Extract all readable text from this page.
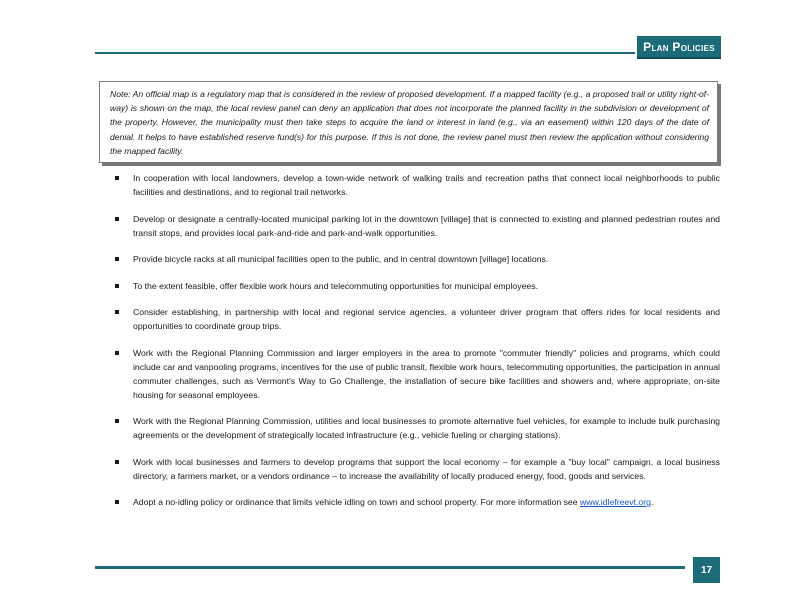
Plan Policies
Note: An official map is a regulatory map that is considered in the review of proposed development. If a mapped facility (e.g., a proposed trail or utility right-of-way) is shown on the map, the local review panel can deny an application that does not incorporate the planned facility in the subdivision or development of the property. However, the municipality must then take steps to acquire the land or interest in land (e.g., via an easement) within 120 days of the date of denial. It helps to have established reserve fund(s) for this purpose. If this is not done, the review panel must then review the application without considering the mapped facility.
In cooperation with local landowners, develop a town-wide network of walking trails and recreation paths that connect local neighborhoods to public facilities and destinations, and to regional trail networks.
Develop or designate a centrally-located municipal parking lot in the downtown [village] that is connected to existing and planned pedestrian routes and transit stops, and provides local park-and-ride and park-and-walk opportunities.
Provide bicycle racks at all municipal facilities open to the public, and in central downtown [village] locations.
To the extent feasible, offer flexible work hours and telecommuting opportunities for municipal employees.
Consider establishing, in partnership with local and regional service agencies, a volunteer driver program that offers rides for local residents and opportunities to coordinate group trips.
Work with the Regional Planning Commission and larger employers in the area to promote "commuter friendly" policies and programs, which could include car and vanpooling programs, incentives for the use of public transit, flexible work hours, telecommuting opportunities, the participation in annual commuter challenges, such as Vermont’s Way to Go Challenge, the installation of secure bike facilities and showers and, where appropriate, on-site housing for seasonal employees.
Work with the Regional Planning Commission, utilities and local businesses to promote alternative fuel vehicles, for example to include bulk purchasing agreements or the development of strategically located infrastructure (e.g., vehicle fueling or charging stations).
Work with local businesses and farmers to develop programs that support the local economy – for example a "buy local" campaign, a local business directory, a farmers market, or a vendors ordinance – to increase the availability of locally produced energy, food, goods and services.
Adopt a no-idling policy or ordinance that limits vehicle idling on town and school property. For more information see www.idlefreevt.org.
17
